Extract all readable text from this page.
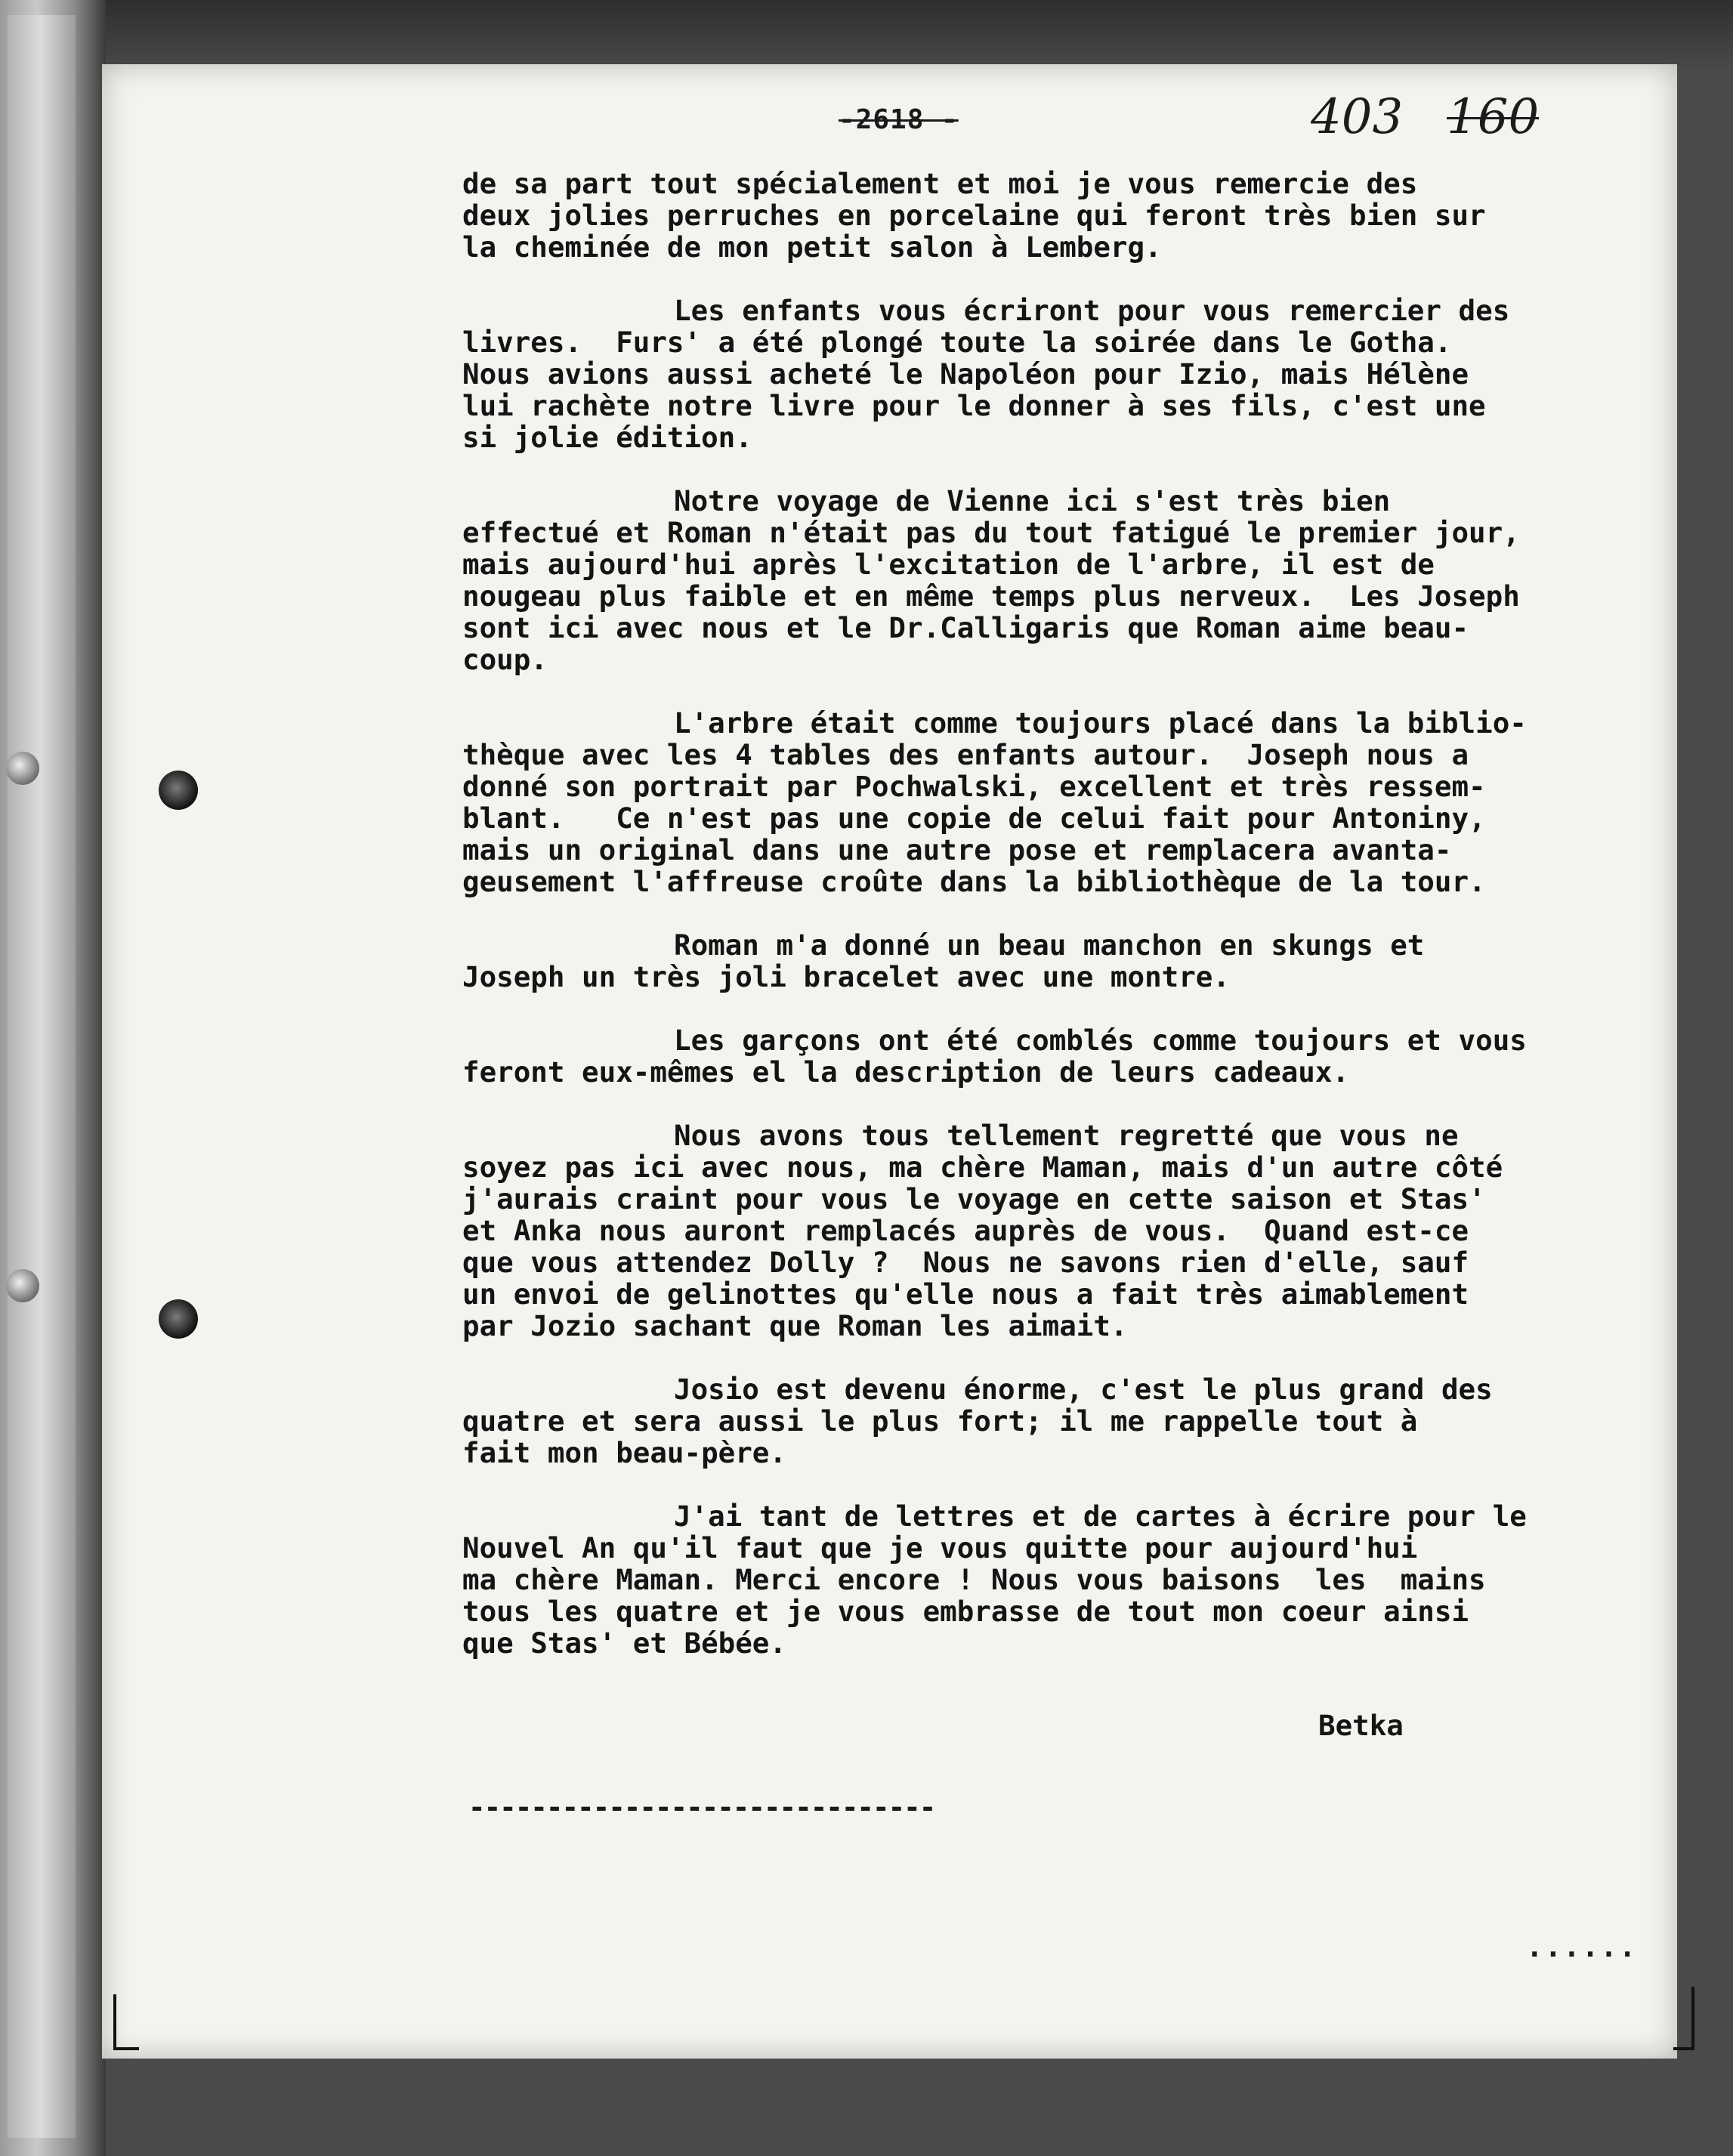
-2618 -	403 160
de sa part tout spécialement et moi je vous remercie des
deux jolies perruches en porcelaine qui feront très bien sur
la cheminée de mon petit salon à Lemberg.
Les enfants vous écriront pour vous remercier des
livres.  Furs' a été plongé toute la soirée dans le Gotha.
Nous avions aussi acheté le Napoléon pour Izio, mais Hélène
lui rachète notre livre pour le donner à ses fils, c'est une
si jolie édition.
Notre voyage de Vienne ici s'est très bien
effectué et Roman n'était pas du tout fatigué le premier jour,
mais aujourd'hui après l'excitation de l'arbre, il est de
nougeau plus faible et en même temps plus nerveux.  Les Joseph
sont ici avec nous et le Dr.Calligaris que Roman aime beau-
coup.
L'arbre était comme toujours placé dans la biblio-
thèque avec les 4 tables des enfants autour.  Joseph nous a
donné son portrait par Pochwalski, excellent et très ressem-
blant.   Ce n'est pas une copie de celui fait pour Antoniny,
mais un original dans une autre pose et remplacera avanta-
geusement l'affreuse croûte dans la bibliothèque de la tour.
Roman m'a donné un beau manchon en skungs et
Joseph un très joli bracelet avec une montre.
Les garçons ont été comblés comme toujours et vous
feront eux-mêmes el la description de leurs cadeaux.
Nous avons tous tellement regretté que vous ne
soyez pas ici avec nous, ma chère Maman, mais d'un autre côté
j'aurais craint pour vous le voyage en cette saison et Stas'
et Anka nous auront remplacés auprès de vous.  Quand est-ce
que vous attendez Dolly ?  Nous ne savons rien d'elle, sauf
un envoi de gelinottes qu'elle nous a fait très aimablement
par Jozio sachant que Roman les aimait.
Josio est devenu énorme, c'est le plus grand des
quatre et sera aussi le plus fort; il me rappelle tout à
fait mon beau-père.
J'ai tant de lettres et de cartes à écrire pour le
Nouvel An qu'il faut que je vous quitte pour aujourd'hui
ma chère Maman. Merci encore ! Nous vous baisons  les  mains
tous les quatre et je vous embrasse de tout mon coeur ainsi
que Stas' et Bébée.
Betka
------------------------------
......
